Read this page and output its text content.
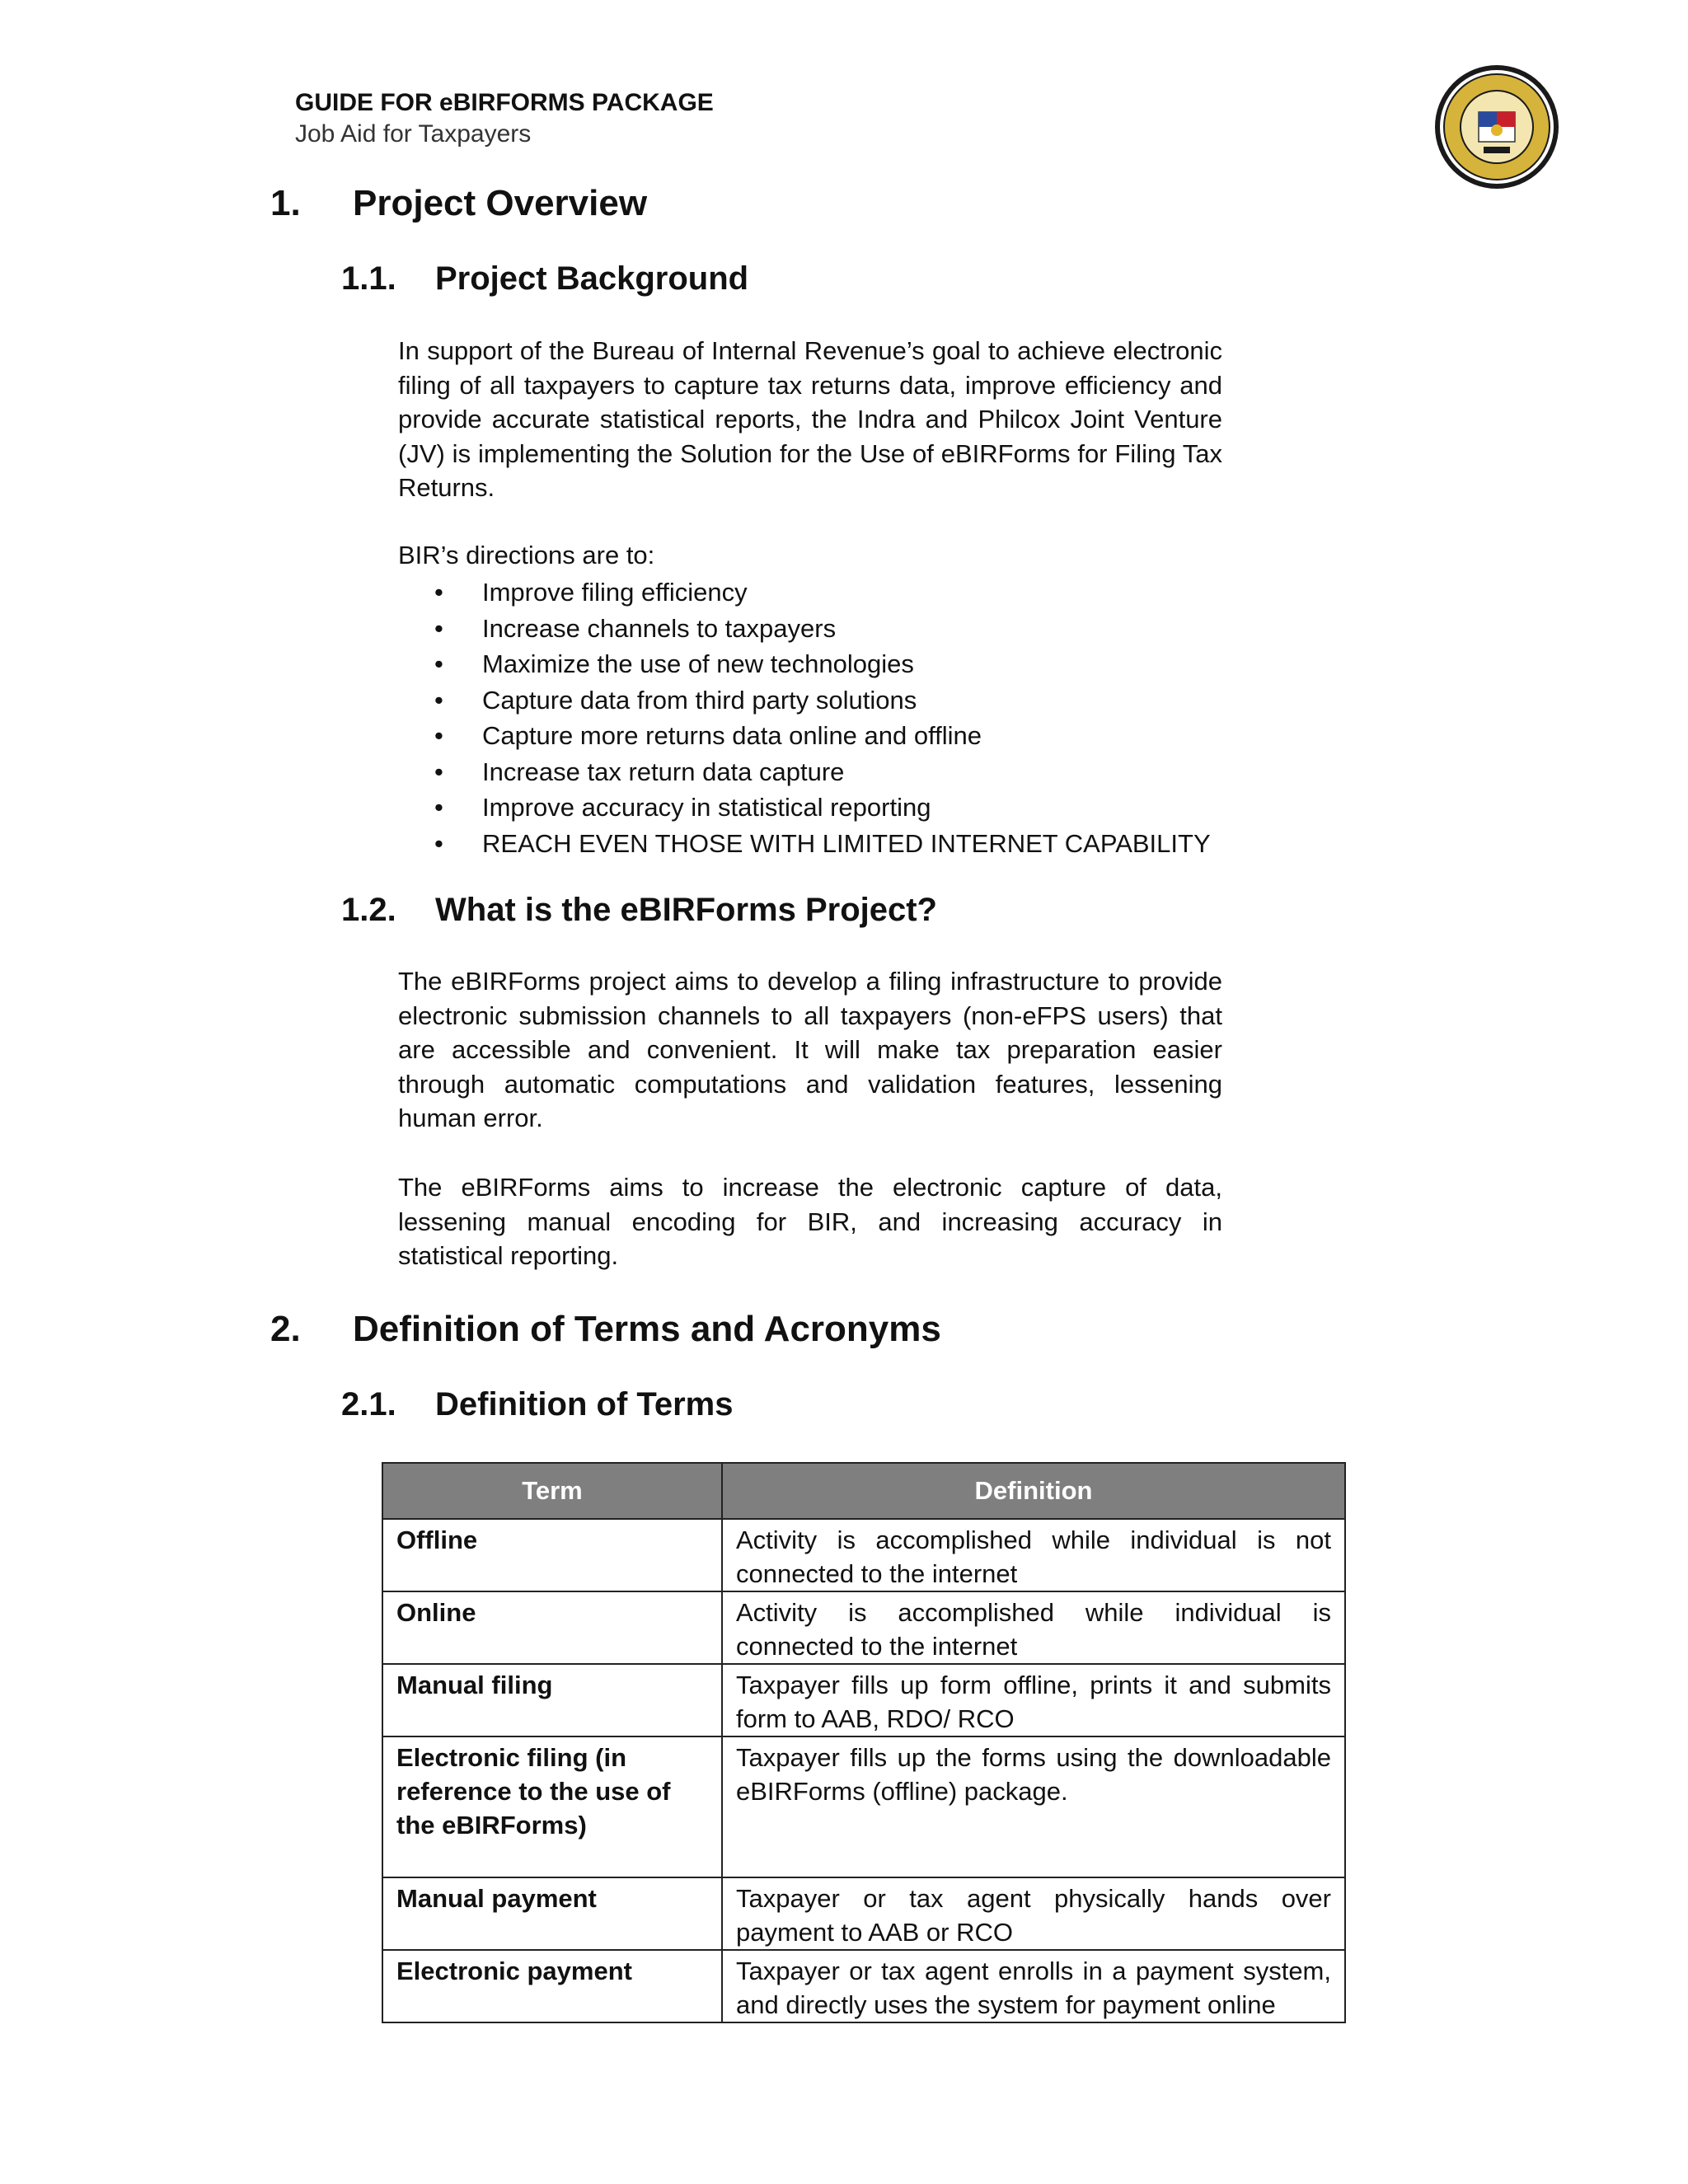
GUIDE FOR eBIRFORMS PACKAGE
Job Aid for Taxpayers
1. Project Overview
1.1. Project Background

In support of the Bureau of Internal Revenue’s goal to achieve electronic filing of all taxpayers to capture tax returns data, improve efficiency and provide accurate statistical reports, the Indra and Philcox Joint Venture (JV) is implementing the Solution for the Use of eBIRForms for Filing Tax Returns.

BIR’s directions are to:
• Improve filing efficiency
• Increase channels to taxpayers
• Maximize the use of new technologies
• Capture data from third party solutions
• Capture more returns data online and offline
• Increase tax return data capture
• Improve accuracy in statistical reporting
• REACH EVEN THOSE WITH LIMITED INTERNET CAPABILITY
1.2. What is the eBIRForms Project?

The eBIRForms project aims to develop a filing infrastructure to provide electronic submission channels to all taxpayers (non-eFPS users) that are accessible and convenient. It will make tax preparation easier through automatic computations and validation features, lessening human error.

The eBIRForms aims to increase the electronic capture of data, lessening manual encoding for BIR, and increasing accuracy in statistical reporting.

2. Definition of Terms and Acronyms
2.1. Definition of Terms
Term	Definition
Offline	Activity is accomplished while individual is not connected to the internet
Online	Activity is accomplished while individual is connected to the internet
Manual filing	Taxpayer fills up form offline, prints it and submits form to AAB, RDO/ RCO
Electronic filing (in reference to the use of the eBIRForms)	Taxpayer fills up the forms using the downloadable eBIRForms (offline) package.
Manual payment	Taxpayer or tax agent physically hands over payment to AAB or RCO
Electronic payment	Taxpayer or tax agent enrolls in a payment system, and directly uses the system for payment online
